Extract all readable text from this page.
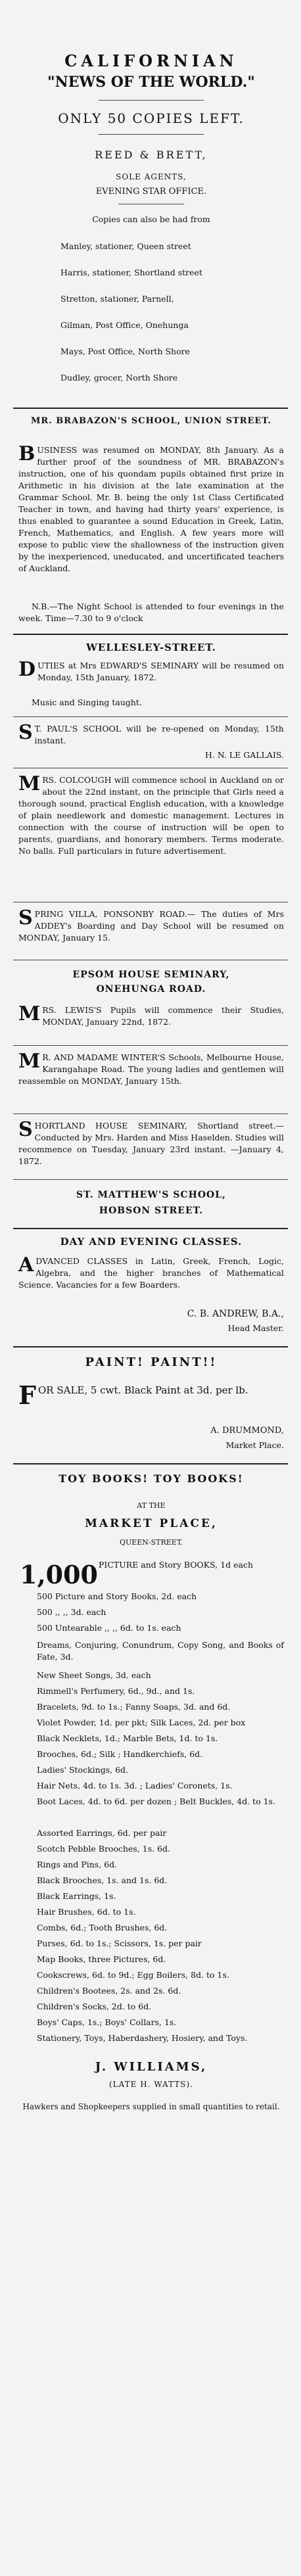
CALIFORNIAN
"NEWS OF THE WORLD."
ONLY 50 COPIES LEFT.
REED & BRETT,
SOLE AGENTS,
EVENING STAR OFFICE.
Copies can also be had from
Manley, stationer, Queen street
Harris, stationer, Shortland street
Stretton, stationer, Parnell,
Gilman, Post Office, Onehunga
Mays, Post Office, North Shore
Dudley, grocer, North Shore
MR. BRABAZON'S SCHOOL, UNION STREET.
BUSINESS was resumed on MONDAY, 8th January. As a further proof of the soundness of MR. BRABAZON's instruction, one of his quondam pupils obtained first prize in Arithmetic in his division at the late examination at the Grammar School. Mr. B. being the only 1st Class Certificated Teacher in town, and having had thirty years' experience, is thus enabled to guarantee a sound Education in Greek, Latin, French, Mathematics, and English. A few years more will expose to public view the shallowness of the instruction given by the inexperienced, uneducated, and uncertificated teachers of Auckland.
N.B.—The Night School is attended to four evenings in the week. Time—7.30 to 9 o'clock
WELLESLEY-STREET.
DUTIES at Mrs EDWARD'S SEMINARY will be resumed on Monday, 15th January, 1872.
Music and Singing taught.
S T. PAUL'S SCHOOL will be re-opened on Monday, 15th instant.
H. N. LE GALLAIS.
MRS. COLCOUGH will commence school in Auckland on or about the 22nd instant, on the principle that Girls need a thorough sound, practical English education, with a knowledge of plain needlework and domestic management. Lectures in connection with the course of instruction will be open to parents, guardians, and honorary members. Terms moderate. No balls. Full particulars in future advertisement.
SPRING VILLA, PONSONBY ROAD.— The duties of Mrs ADDEY's Boarding and Day School will be resumed on MONDAY, January 15.
EPSOM HOUSE SEMINARY, ONEHUNGA ROAD.
MRS. LEWIS'S Pupils will commence their Studies, MONDAY, January 22nd, 1872.
M R. AND MADAME WINTER'S Schools, Melbourne House, Karangahape Road. The young ladies and gentlemen will reassemble on MONDAY, January 15th.
SHORTLAND HOUSE SEMINARY, Shortland street.—Conducted by Mrs. Harden and Miss Haselden. Studies will recommence on Tuesday, January 23rd instant. —January 4, 1872.
ST. MATTHEW'S SCHOOL, HOBSON STREET.
DAY AND EVENING CLASSES.
ADVANCED CLASSES in Latin, Greek, French, Logic, Algebra, and the higher branches of Mathematical Science. Vacancies for a few Boarders.
C. B. ANDREW, B.A.,
Head Master.
PAINT! PAINT!!
FOR SALE, 5 cwt. Black Paint at 3d. per lb.
A. DRUMMOND,
Market Place.
TOY BOOKS! TOY BOOKS!
AT THE
MARKET PLACE,
QUEEN-STREET.
1,000 PICTURE and Story BOOKS, 1d each
500 Picture and Story Books, 2d. each
500 ,, ,, 3d. each
500 Untearable ,, ,, 6d. to 1s. each
Dreams, Conjuring, Conundrum, Copy Song, and Books of Fate, 3d.
New Sheet Songs, 3d. each
Rimmell's Perfumery, 6d., 9d., and 1s.
Bracelets, 9d. to 1s.; Fanny Soaps, 3d. and 6d.
Violet Powder, 1d. per pkt; Silk Laces, 2d. per box
Black Necklets, 1d.; Marble Bets, 1d. to 1s.
Brooches, 6d.; Silk ; Handkerchiefs, 6d.
Ladies' Stockings, 6d.
Hair Nets, 4d. to 1s. 3d. ; Ladies' Coronets, 1s.
Boot Laces, 4d. to 6d. per dozen ; Belt Buckles, 4d. to 1s.
Assorted Earrings, 6d. per pair
Scotch Pebble Brooches, 1s. 6d.
Rings and Pins, 6d.
Black Brooches, 1s. and 1s. 6d.
Black Earrings, 1s.
Hair Brushes, 6d. to 1s.
Combs, 6d.; Tooth Brushes, 6d.
Purses, 6d. to 1s.; Scissors, 1s. per pair
Map Books, three Pictures, 6d.
Cookscrews, 6d. to 9d.; Egg Boilers, 8d. to 1s.
Children's Bootees, 2s. and 2s. 6d.
Children's Socks, 2d. to 6d.
Boys' Caps, 1s.; Boys' Collars, 1s.
Stationery, Toys, Haberdashery, Hosiery, and Toys.
J. WILLIAMS,
(LATE H. WATTS).
Hawkers and Shopkeepers supplied in small quantities to retail.
